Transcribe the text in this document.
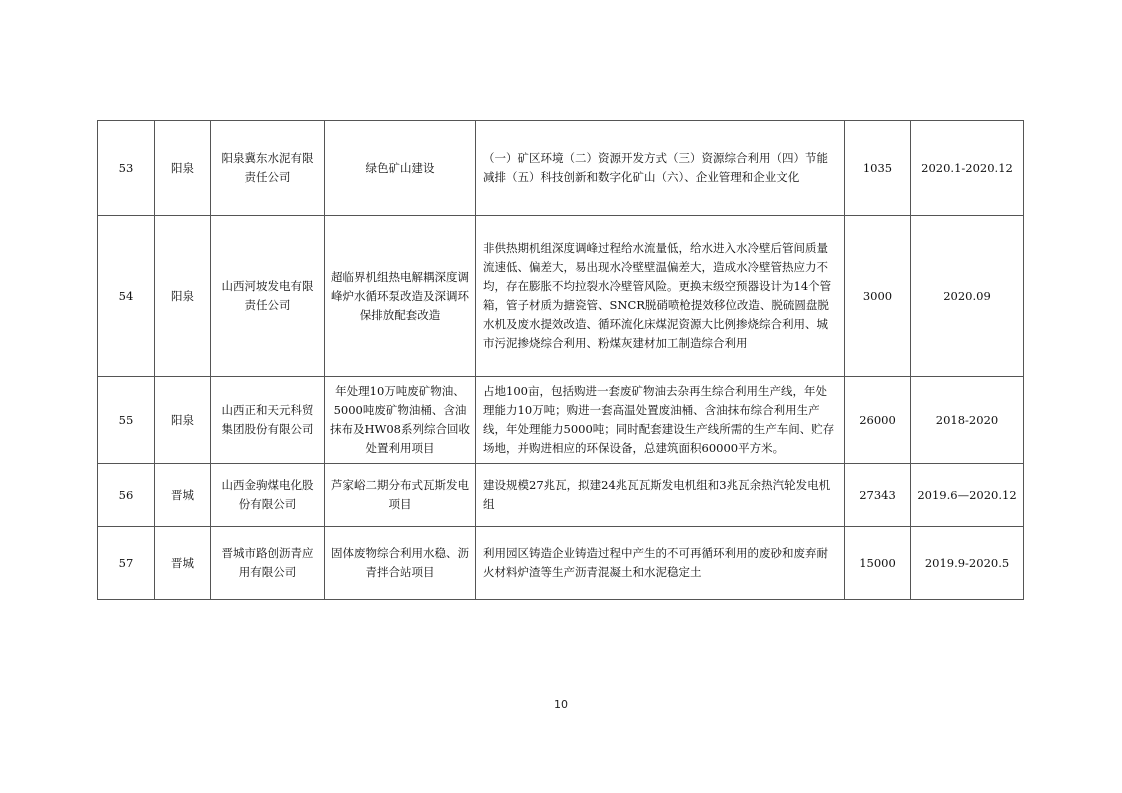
53	阳泉	阳泉冀东水泥有限责任公司	绿色矿山建设	（一）矿区环境（二）资源开发方式（三）资源综合利用（四）节能减排（五）科技创新和数字化矿山（六）、企业管理和企业文化	1035	2020.1-2020.12
54	阳泉	山西河坡发电有限责任公司	超临界机组热电解耦深度调峰炉水循环泵改造及深调环保排放配套改造	非供热期机组深度调峰过程给水流量低，给水进入水冷壁后管间质量流速低、偏差大，易出现水冷壁壁温偏差大，造成水冷壁管热应力不均，存在膨胀不均拉裂水冷壁管风险。更换末级空预器设计为14个管箱，管子材质为搪瓷管、SNCR脱硝喷枪提效移位改造、脱硫圆盘脱水机及废水提效改造、循环流化床煤泥资源大比例掺烧综合利用、城市污泥掺烧综合利用、粉煤灰建材加工制造综合利用	3000	2020.09
55	阳泉	山西正和天元科贸集团股份有限公司	年处理10万吨废矿物油、5000吨废矿物油桶、含油抹布及HW08系列综合回收处置利用项目	占地100亩，包括购进一套废矿物油去杂再生综合利用生产线，年处理能力10万吨；购进一套高温处置废油桶、含油抹布综合利用生产线，年处理能力5000吨；同时配套建设生产线所需的生产车间、贮存场地，并购进相应的环保设备，总建筑面积60000平方米。	26000	2018-2020
56	晋城	山西金驹煤电化股份有限公司	芦家峪二期分布式瓦斯发电项目	建设规模27兆瓦，拟建24兆瓦瓦斯发电机组和3兆瓦余热汽轮发电机组	27343	2019.6—2020.12
57	晋城	晋城市路创沥青应用有限公司	固体废物综合利用水稳、沥青拌合站项目	利用园区铸造企业铸造过程中产生的不可再循环利用的废砂和废弃耐火材料炉渣等生产沥青混凝土和水泥稳定土	15000	2019.9-2020.5
10
